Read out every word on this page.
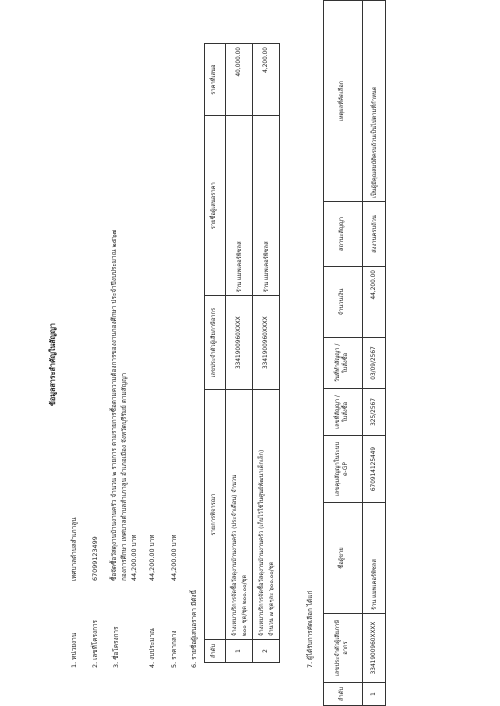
ข้อมูลสาระสำคัญในสัญญา
1. หน่วยงาน
เทศบาลตำบลสำเภาลูน
2. เลขที่โครงการ
67099123499
3. ชื่อโครงการ
ซื้อจัดซื้อวัสดุงานบ้านงานครัว จำนวน ๒ รายการ ตามรายการซื้อตามความต้องการของงานกองศึกษา ประจำปีงบประมาณ ๒๕๖๗ กองการศึกษา เทศบาลตำบลสำเภาลูน อำเภอเมือง จังหวัดบุรีรัมย์ ตามสัญญา 44,200.00 บาท
4. งบประมาณ
44,200.00 บาท
5. ราคากลาง
44,200.00 บาท
6. รายชื่อผู้เสนอราคา มีดังนี้ ลำดับ	รายการพิจารณา	เลขประจำตัวผู้เสียภาษีอากร	รายชื่อผู้เสนอราคา	ราคาที่เสนอ
1	จ้างเหมาบริการจัดซื้อวัสดุงานบ้านงานครัว (ประจำเดือน) จำนวน ๒๐๐ ชุด/ชุด ๒๐๐.๐๐/ชุด	3341900960XXXX	ร้าน แมพเคอร์พิซลส	40,000.00
2	จ้างเหมาบริการจัดซื้อวัสดุงานบ้านงานครัว (เก็บไว้ใช้ในศูนย์พัฒนาเด็กเล็ก) จำนวน ๗ ชุดๆละ ๖๐๐.๐๐/ชุด	3341900960XXXX	ร้าน แมพเคอร์พิซลส	4,200.00
7. ผู้ได้รับการคัดเลือก ได้แก่
ลำดับ	เลขประจำตัวผู้เสียภาษีอากร	ชื่อผู้ขาย	เลขคุมสัญญาในระบบ e-GP	เลขที่สัญญา / ใบสั่งซื้อ	วันที่ทำสัญญา / ใบสั่งซื้อ	จำนวนเงิน	สถานะสัญญา	เหตุผลที่คัดเลือก
1	3341900960XXXX	ร้าน แมพเคอร์พิซลส	670914125449	325/2567	03/09/2567	44,200.00	ส่งงานครบถ้วน	เป็นผู้มีคุณสมบัติครบถ้วนเป็นไปตามที่กำหนด
